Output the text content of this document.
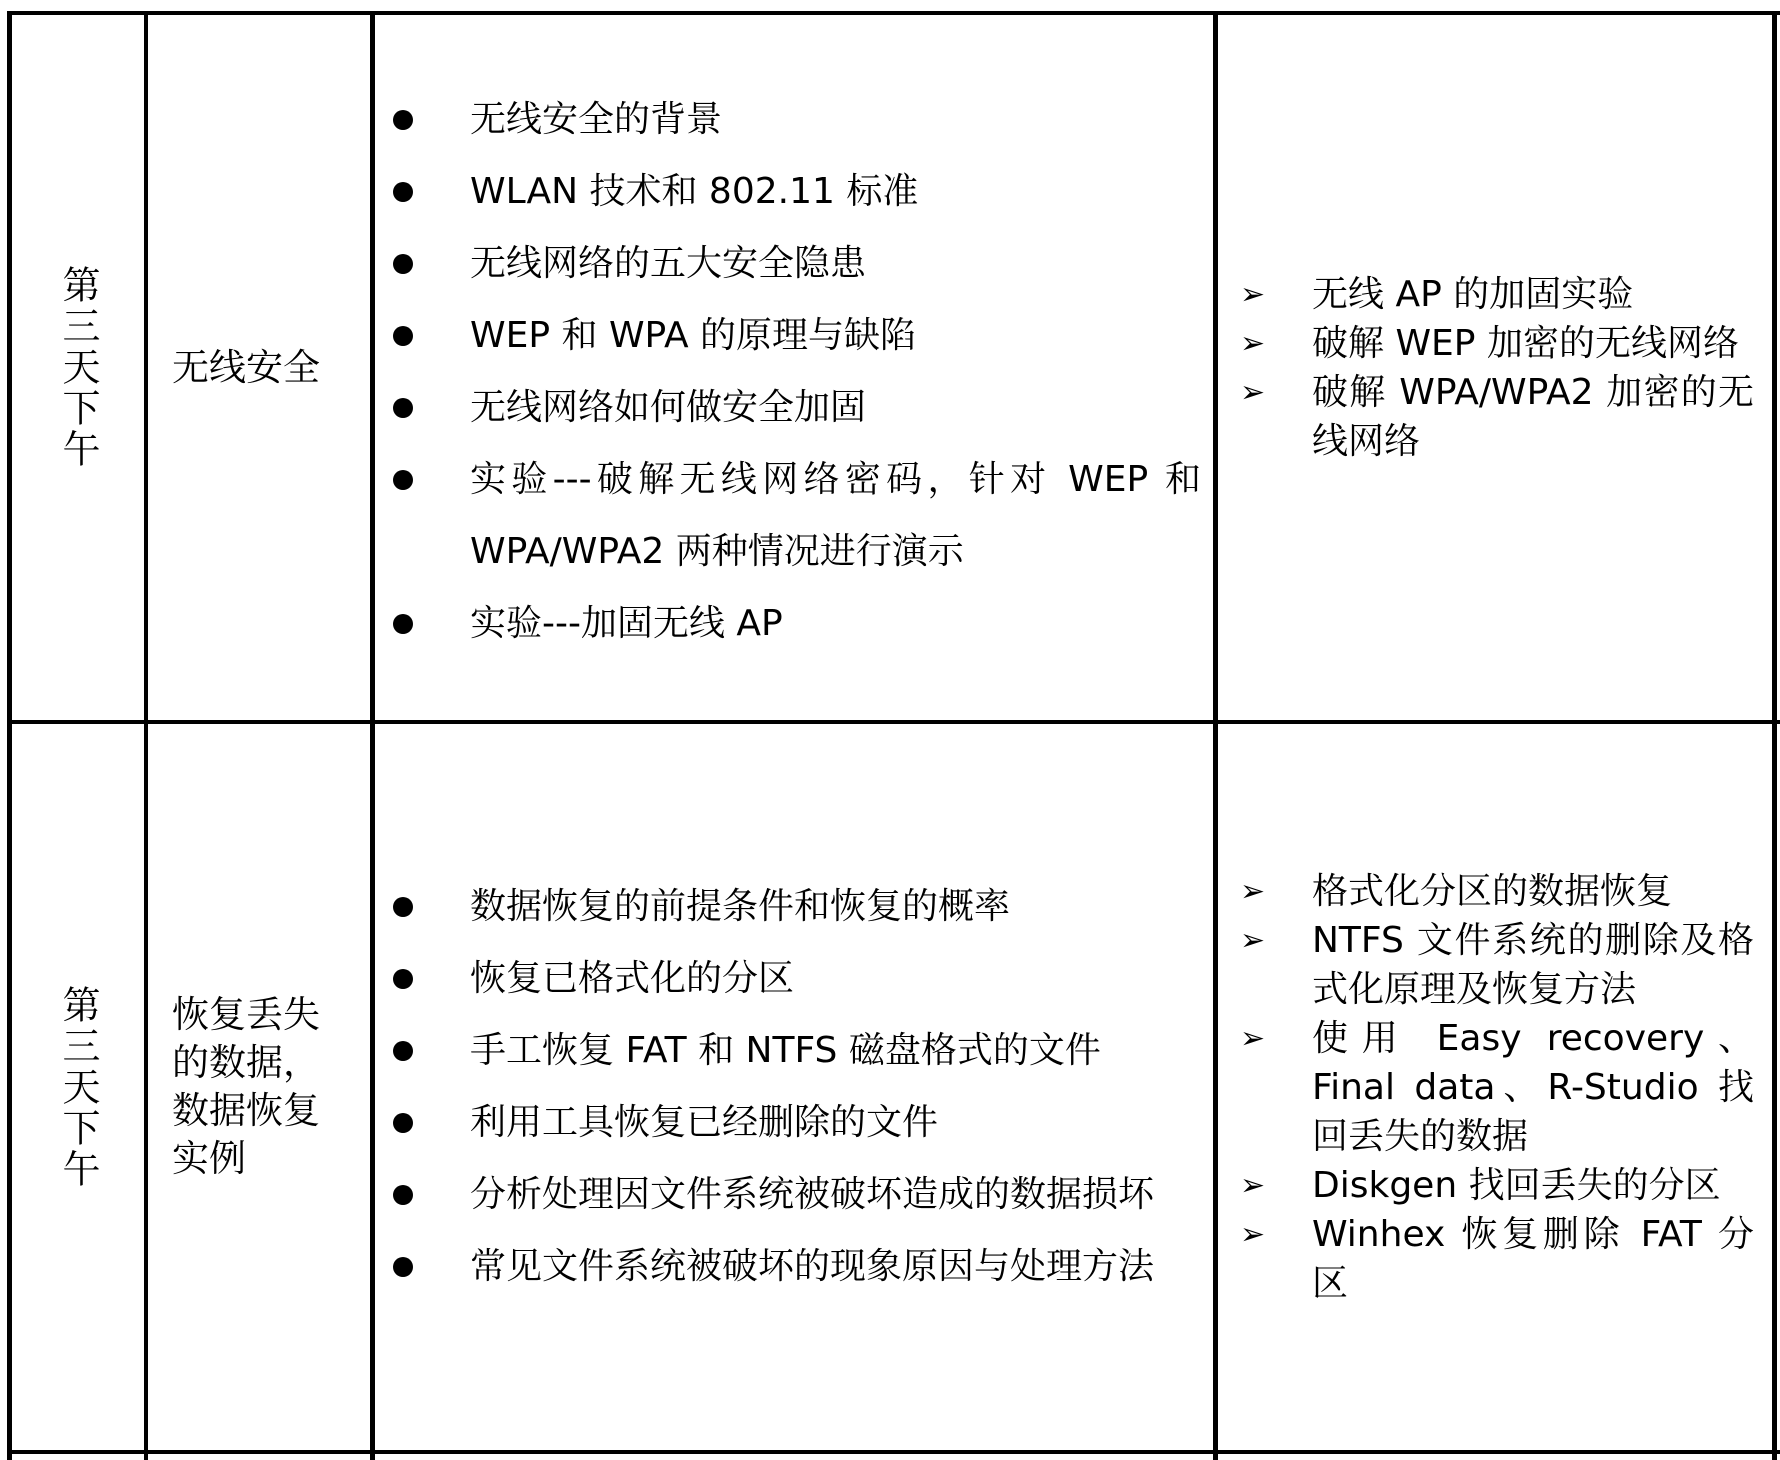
第三天下午	无线安全
无线安全的背景
WLAN 技术和 802.11 标准
无线网络的五大安全隐患
WEP 和 WPA 的原理与缺陷
无线网络如何做安全加固
实验---破解无线网络密码，针对 WEP 和 WPA/WPA2 两种情况进行演示
实验---加固无线 AP
➢ 无线 AP 的加固实验
➢ 破解 WEP 加密的无线网络
➢ 破解 WPA/WPA2 加密的无线网络
第三天下午	恢复丢失的数据，数据恢复实例
数据恢复的前提条件和恢复的概率
恢复已格式化的分区
手工恢复 FAT 和 NTFS 磁盘格式的文件
利用工具恢复已经删除的文件
分析处理因文件系统被破坏造成的数据损坏
常见文件系统被破坏的现象原因与处理方法
➢ 格式化分区的数据恢复
➢ NTFS 文件系统的删除及格式化原理及恢复方法
➢ 使用 Easy recovery、Final data、R-Studio 找回丢失的数据
➢ Diskgen 找回丢失的分区
➢ Winhex 恢复删除 FAT 分区
